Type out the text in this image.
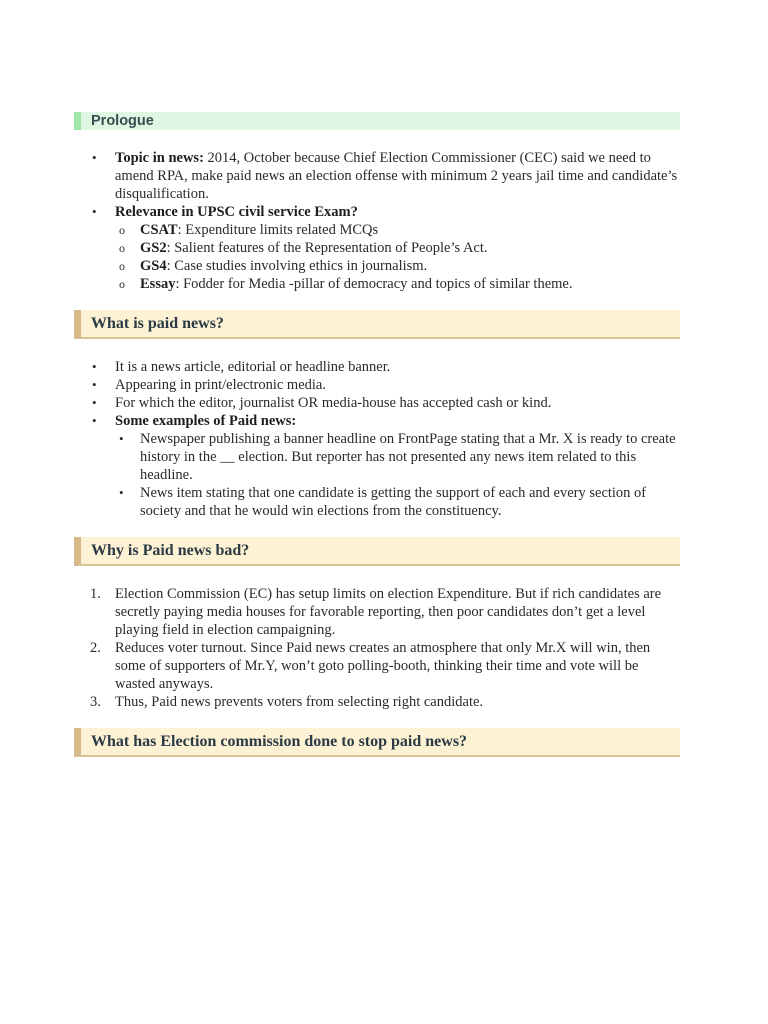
Prologue
• Topic in news: 2014, October because Chief Election Commissioner (CEC) said we need to amend RPA, make paid news an election offense with minimum 2 years jail time and candidate’s disqualification.
• Relevance in UPSC civil service Exam?
o CSAT: Expenditure limits related MCQs
o GS2: Salient features of the Representation of People’s Act.
o GS4: Case studies involving ethics in journalism.
o Essay: Fodder for Media -pillar of democracy and topics of similar theme.
What is paid news?
• It is a news article, editorial or headline banner.
• Appearing in print/electronic media.
• For which the editor, journalist OR media-house has accepted cash or kind.
• Some examples of Paid news:
• Newspaper publishing a banner headline on FrontPage stating that a Mr. X is ready to create history in the __ election. But reporter has not presented any news item related to this headline.
• News item stating that one candidate is getting the support of each and every section of society and that he would win elections from the constituency.
Why is Paid news bad?
1. Election Commission (EC) has setup limits on election Expenditure. But if rich candidates are secretly paying media houses for favorable reporting, then poor candidates don’t get a level playing field in election campaigning.
2. Reduces voter turnout. Since Paid news creates an atmosphere that only Mr.X will win, then some of supporters of Mr.Y, won’t goto polling-booth, thinking their time and vote will be wasted anyways.
3. Thus, Paid news prevents voters from selecting right candidate.
What has Election commission done to stop paid news?
